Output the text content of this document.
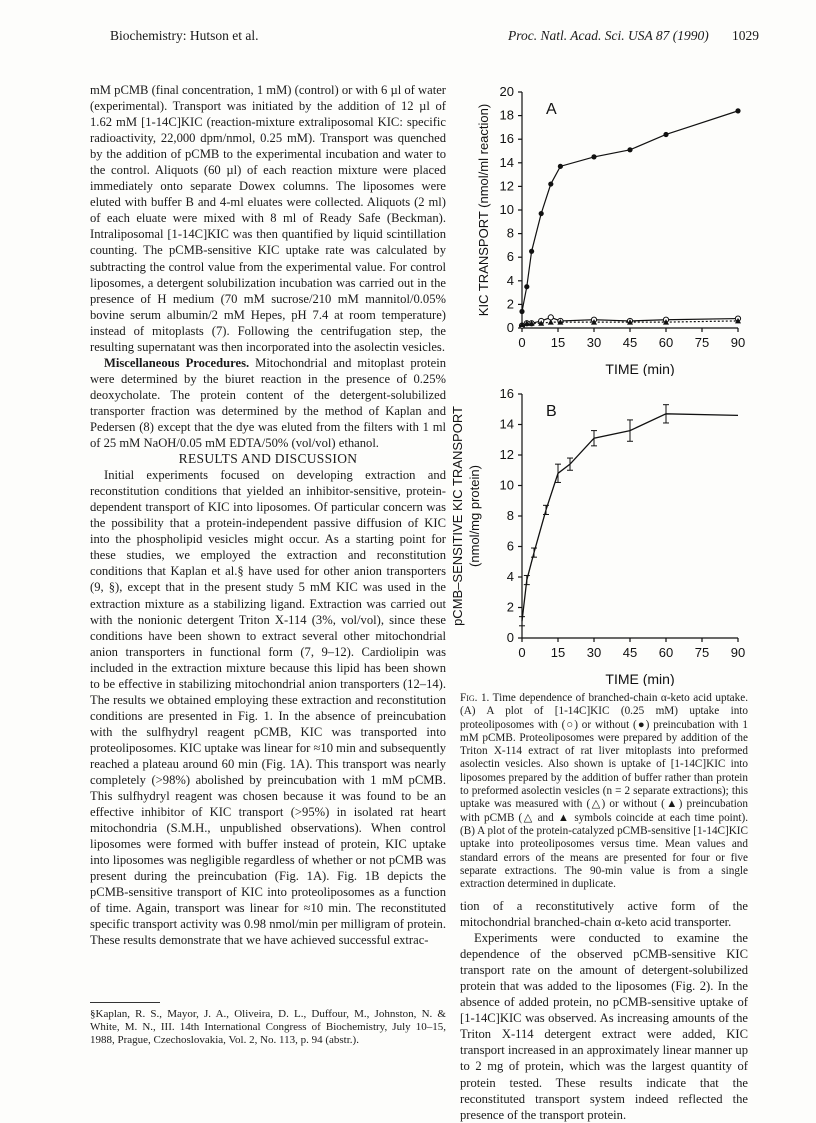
Biochemistry: Hutson et al.	Proc. Natl. Acad. Sci. USA 87 (1990) 1029

mM pCMB (final concentration, 1 mM) (control) or with 6 µl of water (experimental). Transport was initiated by the addition of 12 µl of 1.62 mM [1-14C]KIC (reaction-mixture extraliposomal KIC: specific radioactivity, 22,000 dpm/nmol, 0.25 mM). Transport was quenched by the addition of pCMB to the experimental incubation and water to the control. Aliquots (60 µl) of each reaction mixture were placed immediately onto separate Dowex columns. The liposomes were eluted with buffer B and 4-ml eluates were collected. Aliquots (2 ml) of each eluate were mixed with 8 ml of Ready Safe (Beckman). Intraliposomal [1-14C]KIC was then quantified by liquid scintillation counting. The pCMB-sensitive KIC uptake rate was calculated by subtracting the control value from the experimental value. For control liposomes, a detergent solubilization incubation was carried out in the presence of H medium (70 mM sucrose/210 mM mannitol/0.05% bovine serum albumin/2 mM Hepes, pH 7.4 at room temperature) instead of mitoplasts (7). Following the centrifugation step, the resulting supernatant was then incorporated into the asolectin vesicles.

Miscellaneous Procedures. Mitochondrial and mitoplast protein were determined by the biuret reaction in the presence of 0.25% deoxycholate. The protein content of the detergent-solubilized transporter fraction was determined by the method of Kaplan and Pedersen (8) except that the dye was eluted from the filters with 1 ml of 25 mM NaOH/0.05 mM EDTA/50% (vol/vol) ethanol.

RESULTS AND DISCUSSION

Initial experiments focused on developing extraction and reconstitution conditions that yielded an inhibitor-sensitive, protein-dependent transport of KIC into liposomes. Of particular concern was the possibility that a protein-independent passive diffusion of KIC into the phospholipid vesicles might occur. As a starting point for these studies, we employed the extraction and reconstitution conditions that Kaplan et al.§ have used for other anion transporters (9, §), except that in the present study 5 mM KIC was used in the extraction mixture as a stabilizing ligand. Extraction was carried out with the nonionic detergent Triton X-114 (3%, vol/vol), since these conditions have been shown to extract several other mitochondrial anion transporters in functional form (7, 9–12). Cardiolipin was included in the extraction mixture because this lipid has been shown to be effective in stabilizing mitochondrial anion transporters (12–14). The results we obtained employing these extraction and reconstitution conditions are presented in Fig. 1. In the absence of preincubation with the sulfhydryl reagent pCMB, KIC was transported into proteoliposomes. KIC uptake was linear for ≈10 min and subsequently reached a plateau around 60 min (Fig. 1A). This transport was nearly completely (>98%) abolished by preincubation with 1 mM pCMB. This sulfhydryl reagent was chosen because it was found to be an effective inhibitor of KIC transport (>95%) in isolated rat heart mitochondria (S.M.H., unpublished observations). When control liposomes were formed with buffer instead of protein, KIC uptake into liposomes was negligible regardless of whether or not pCMB was present during the preincubation (Fig. 1A). Fig. 1B depicts the pCMB-sensitive transport of KIC into proteoliposomes as a function of time. Again, transport was linear for ≈10 min. The reconstituted specific transport activity was 0.98 nmol/min per milligram of protein. These results demonstrate that we have achieved successful extrac-

§Kaplan, R. S., Mayor, J. A., Oliveira, D. L., Duffour, M., Johnston, N. & White, M. N., III. 14th International Congress of Biochemistry, July 10–15, 1988, Prague, Czechoslovakia, Vol. 2, No. 113, p. 94 (abstr.).
0
2
4
6
8
10
12
14
16
18
20
0 15 30 45 60 75 90
TIME (min)
A
KIC TRANSPORT (nmol/ml reaction)
0
2
4
6
8
10
12
14
16
0 15 30 45 60 75 90
TIME (min)
B
pCMB–SENSITIVE KIC TRANSPORT (nmol/mg protein)
Fig. 1. Time dependence of branched-chain α-keto acid uptake. (A) A plot of [1-14C]KIC (0.25 mM) uptake into proteoliposomes with (○) or without (●) preincubation with 1 mM pCMB. Proteoliposomes were prepared by addition of the Triton X-114 extract of rat liver mitoplasts into preformed asolectin vesicles. Also shown is uptake of [1-14C]KIC into liposomes prepared by the addition of buffer rather than protein to preformed asolectin vesicles (n = 2 separate extractions); this uptake was measured with (△) or without (▲) preincubation with pCMB (△ and ▲ symbols coincide at each time point). (B) A plot of the protein-catalyzed pCMB-sensitive [1-14C]KIC uptake into proteoliposomes versus time. Mean values and standard errors of the means are presented for four or five separate extractions. The 90-min value is from a single extraction determined in duplicate.

tion of a reconstitutively active form of the mitochondrial branched-chain α-keto acid transporter.

Experiments were conducted to examine the dependence of the observed pCMB-sensitive KIC transport rate on the amount of detergent-solubilized protein that was added to the liposomes (Fig. 2). In the absence of added protein, no pCMB-sensitive uptake of [1-14C]KIC was observed. As increasing amounts of the Triton X-114 detergent extract were added, KIC transport increased in an approximately linear manner up to 2 mg of protein, which was the largest quantity of protein tested. These results indicate that the reconstituted transport system indeed reflected the presence of the transport protein.
